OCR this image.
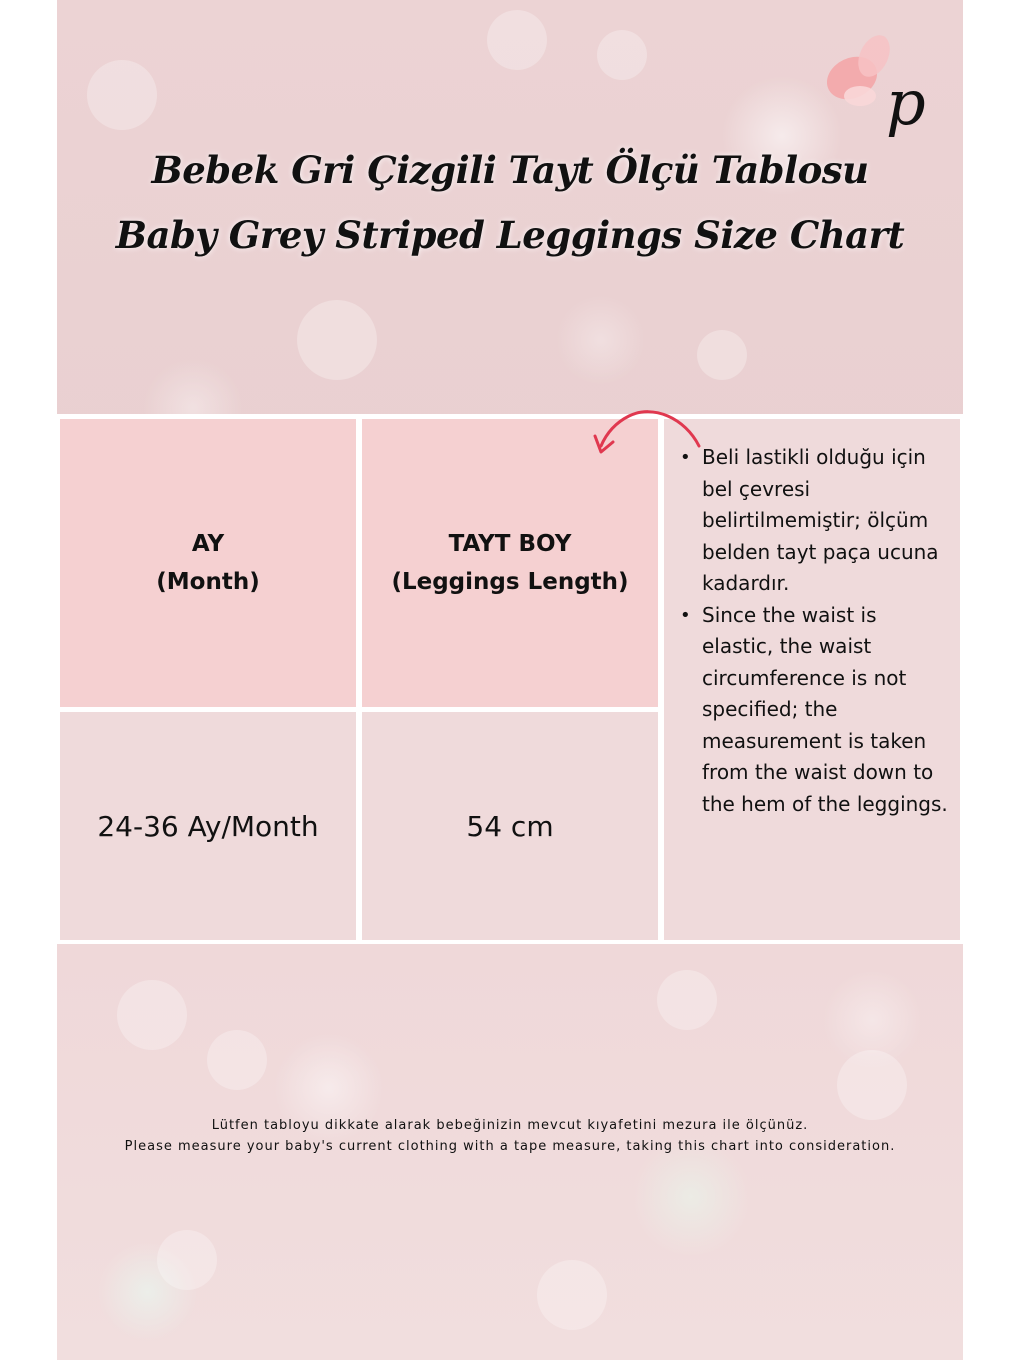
p
Bebek Gri Çizgili Tayt Ölçü Tablosu
Baby Grey Striped Leggings Size Chart
AY
(Month)
TAYT BOY
(Leggings Length)
24-36 Ay/Month	54 cm
• Beli lastikli olduğu için bel çevresi belirtilmemiştir; ölçüm belden tayt paça ucuna kadardır.
• Since the waist is elastic, the waist circumference is not specified; the measurement is taken from the waist down to the hem of the leggings.
Lütfen tabloyu dikkate alarak bebeğinizin mevcut kıyafetini mezura ile ölçünüz.
Please measure your baby's current clothing with a tape measure, taking this chart into consideration.
